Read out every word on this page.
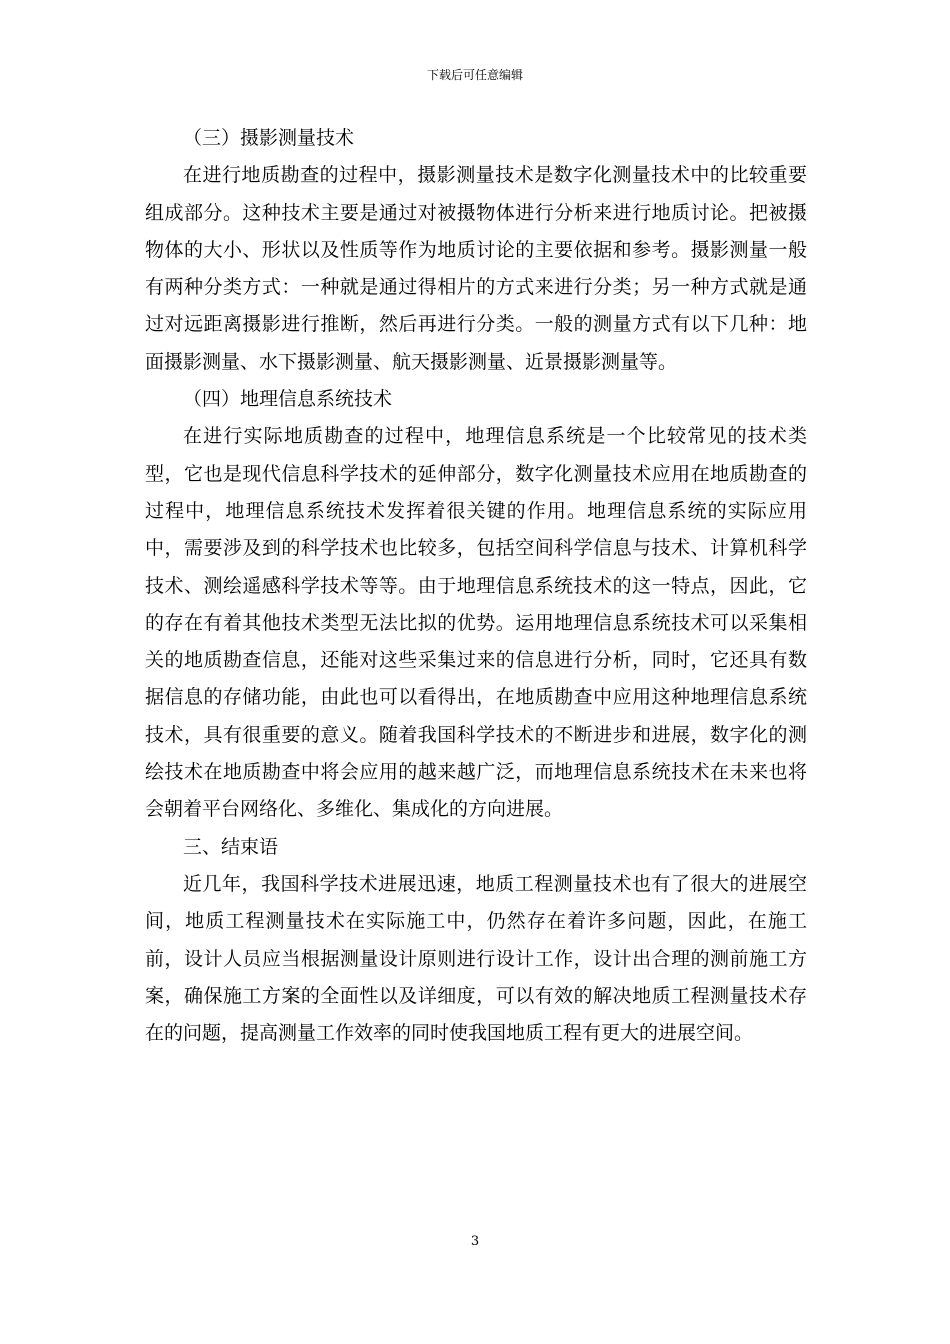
下载后可任意编辑

（三）摄影测量技术

在进行地质勘查的过程中，摄影测量技术是数字化测量技术中的比较重要组成部分。这种技术主要是通过对被摄物体进行分析来进行地质讨论。把被摄物体的大小、形状以及性质等作为地质讨论的主要依据和参考。摄影测量一般有两种分类方式：一种就是通过得相片的方式来进行分类；另一种方式就是通过对远距离摄影进行推断，然后再进行分类。一般的测量方式有以下几种：地面摄影测量、水下摄影测量、航天摄影测量、近景摄影测量等。

（四）地理信息系统技术

在进行实际地质勘查的过程中，地理信息系统是一个比较常见的技术类型，它也是现代信息科学技术的延伸部分，数字化测量技术应用在地质勘查的过程中，地理信息系统技术发挥着很关键的作用。地理信息系统的实际应用中，需要涉及到的科学技术也比较多，包括空间科学信息与技术、计算机科学技术、测绘遥感科学技术等等。由于地理信息系统技术的这一特点，因此，它的存在有着其他技术类型无法比拟的优势。运用地理信息系统技术可以采集相关的地质勘查信息，还能对这些采集过来的信息进行分析，同时，它还具有数据信息的存储功能，由此也可以看得出，在地质勘查中应用这种地理信息系统技术，具有很重要的意义。随着我国科学技术的不断进步和进展，数字化的测绘技术在地质勘查中将会应用的越来越广泛，而地理信息系统技术在未来也将会朝着平台网络化、多维化、集成化的方向进展。

三、结束语

近几年，我国科学技术进展迅速，地质工程测量技术也有了很大的进展空间，地质工程测量技术在实际施工中，仍然存在着许多问题，因此，在施工前，设计人员应当根据测量设计原则进行设计工作，设计出合理的测前施工方案，确保施工方案的全面性以及详细度，可以有效的解决地质工程测量技术存在的问题，提高测量工作效率的同时使我国地质工程有更大的进展空间。

3
